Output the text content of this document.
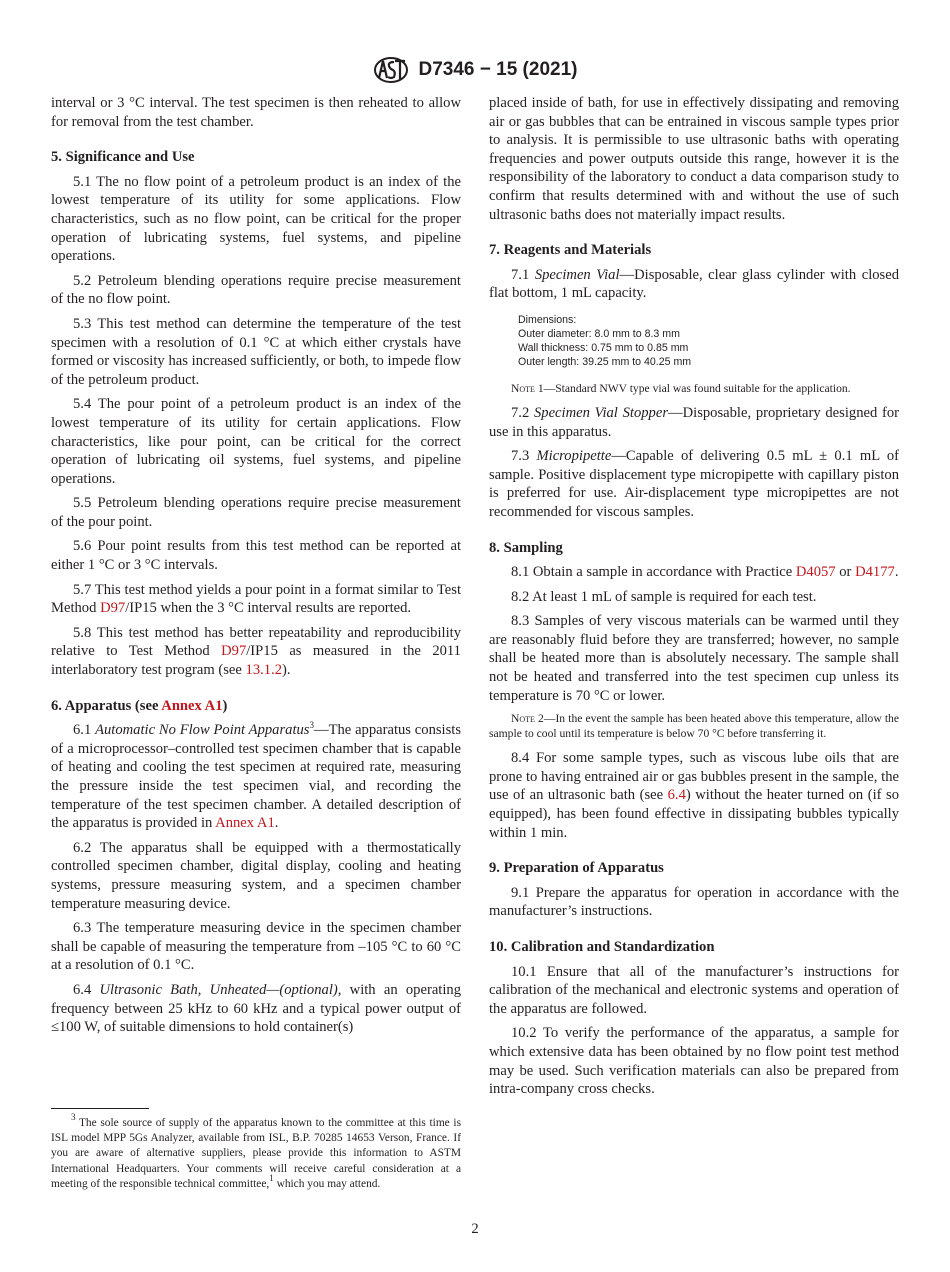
D7346 − 15 (2021)
interval or 3 °C interval. The test specimen is then reheated to allow for removal from the test chamber.
5. Significance and Use
5.1 The no flow point of a petroleum product is an index of the lowest temperature of its utility for some applications. Flow characteristics, such as no flow point, can be critical for the proper operation of lubricating systems, fuel systems, and pipeline operations.
5.2 Petroleum blending operations require precise measurement of the no flow point.
5.3 This test method can determine the temperature of the test specimen with a resolution of 0.1 °C at which either crystals have formed or viscosity has increased sufficiently, or both, to impede flow of the petroleum product.
5.4 The pour point of a petroleum product is an index of the lowest temperature of its utility for certain applications. Flow characteristics, like pour point, can be critical for the correct operation of lubricating oil systems, fuel systems, and pipeline operations.
5.5 Petroleum blending operations require precise measurement of the pour point.
5.6 Pour point results from this test method can be reported at either 1 °C or 3 °C intervals.
5.7 This test method yields a pour point in a format similar to Test Method D97/IP15 when the 3 °C interval results are reported.
5.8 This test method has better repeatability and reproducibility relative to Test Method D97/IP15 as measured in the 2011 interlaboratory test program (see 13.1.2).
6. Apparatus (see Annex A1)
6.1 Automatic No Flow Point Apparatus$^3$—The apparatus consists of a microprocessor–controlled test specimen chamber that is capable of heating and cooling the test specimen at required rate, measuring the pressure inside the test specimen vial, and recording the temperature of the test specimen chamber. A detailed description of the apparatus is provided in Annex A1.
6.2 The apparatus shall be equipped with a thermostatically controlled specimen chamber, digital display, cooling and heating systems, pressure measuring system, and a specimen chamber temperature measuring device.
6.3 The temperature measuring device in the specimen chamber shall be capable of measuring the temperature from –105 °C to 60 °C at a resolution of 0.1 °C.
6.4 Ultrasonic Bath, Unheated—(optional), with an operating frequency between 25 kHz to 60 kHz and a typical power output of ≤100 W, of suitable dimensions to hold container(s)
placed inside of bath, for use in effectively dissipating and removing air or gas bubbles that can be entrained in viscous sample types prior to analysis. It is permissible to use ultrasonic baths with operating frequencies and power outputs outside this range, however it is the responsibility of the laboratory to conduct a data comparison study to confirm that results determined with and without the use of such ultrasonic baths does not materially impact results.
7. Reagents and Materials
7.1 Specimen Vial—Disposable, clear glass cylinder with closed flat bottom, 1 mL capacity.
Dimensions:
Outer diameter: 8.0 mm to 8.3 mm
Wall thickness: 0.75 mm to 0.85 mm
Outer length: 39.25 mm to 40.25 mm
Note 1—Standard NWV type vial was found suitable for the application.
7.2 Specimen Vial Stopper—Disposable, proprietary designed for use in this apparatus.
7.3 Micropipette—Capable of delivering 0.5 mL ± 0.1 mL of sample. Positive displacement type micropipette with capillary piston is preferred for use. Air-displacement type micropipettes are not recommended for viscous samples.
8. Sampling
8.1 Obtain a sample in accordance with Practice D4057 or D4177.
8.2 At least 1 mL of sample is required for each test.
8.3 Samples of very viscous materials can be warmed until they are reasonably fluid before they are transferred; however, no sample shall be heated more than is absolutely necessary. The sample shall not be heated and transferred into the test specimen cup unless its temperature is 70 °C or lower.
Note 2—In the event the sample has been heated above this temperature, allow the sample to cool until its temperature is below 70 °C before transferring it.
8.4 For some sample types, such as viscous lube oils that are prone to having entrained air or gas bubbles present in the sample, the use of an ultrasonic bath (see 6.4) without the heater turned on (if so equipped), has been found effective in dissipating bubbles typically within 1 min.
9. Preparation of Apparatus
9.1 Prepare the apparatus for operation in accordance with the manufacturer’s instructions.
10. Calibration and Standardization
10.1 Ensure that all of the manufacturer’s instructions for calibration of the mechanical and electronic systems and operation of the apparatus are followed.
10.2 To verify the performance of the apparatus, a sample for which extensive data has been obtained by no flow point test method may be used. Such verification materials can also be prepared from intra-company cross checks.
$^3$ The sole source of supply of the apparatus known to the committee at this time is ISL model MPP 5Gs Analyzer, available from ISL, B.P. 70285 14653 Verson, France. If you are aware of alternative suppliers, please provide this information to ASTM International Headquarters. Your comments will receive careful consideration at a meeting of the responsible technical committee,$^1$ which you may attend.
2
